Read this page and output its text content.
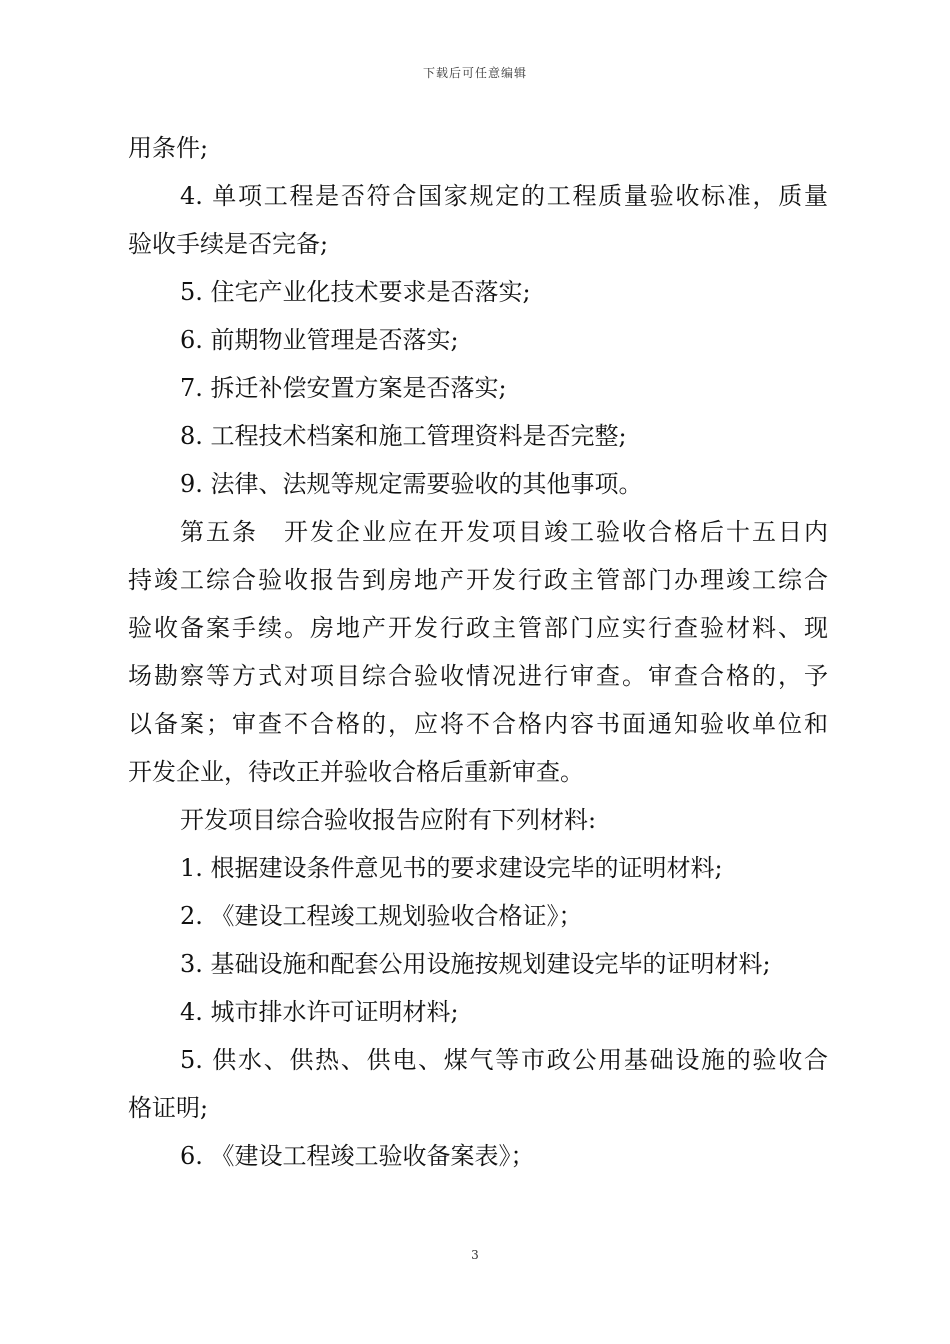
下载后可任意编辑
用条件;
4. 单项工程是否符合国家规定的工程质量验收标准，质量
验收手续是否完备;
5. 住宅产业化技术要求是否落实;
6. 前期物业管理是否落实;
7. 拆迁补偿安置方案是否落实;
8. 工程技术档案和施工管理资料是否完整;
9. 法律、法规等规定需要验收的其他事项。
第五条　开发企业应在开发项目竣工验收合格后十五日内
持竣工综合验收报告到房地产开发行政主管部门办理竣工综合
验收备案手续。房地产开发行政主管部门应实行查验材料、现
场勘察等方式对项目综合验收情况进行审查。审查合格的，予
以备案；审查不合格的，应将不合格内容书面通知验收单位和
开发企业，待改正并验收合格后重新审查。
开发项目综合验收报告应附有下列材料:
1. 根据建设条件意见书的要求建设完毕的证明材料;
2. 《建设工程竣工规划验收合格证》；
3. 基础设施和配套公用设施按规划建设完毕的证明材料;
4. 城市排水许可证明材料;
5. 供水、供热、供电、煤气等市政公用基础设施的验收合
格证明;
6. 《建设工程竣工验收备案表》；
3
